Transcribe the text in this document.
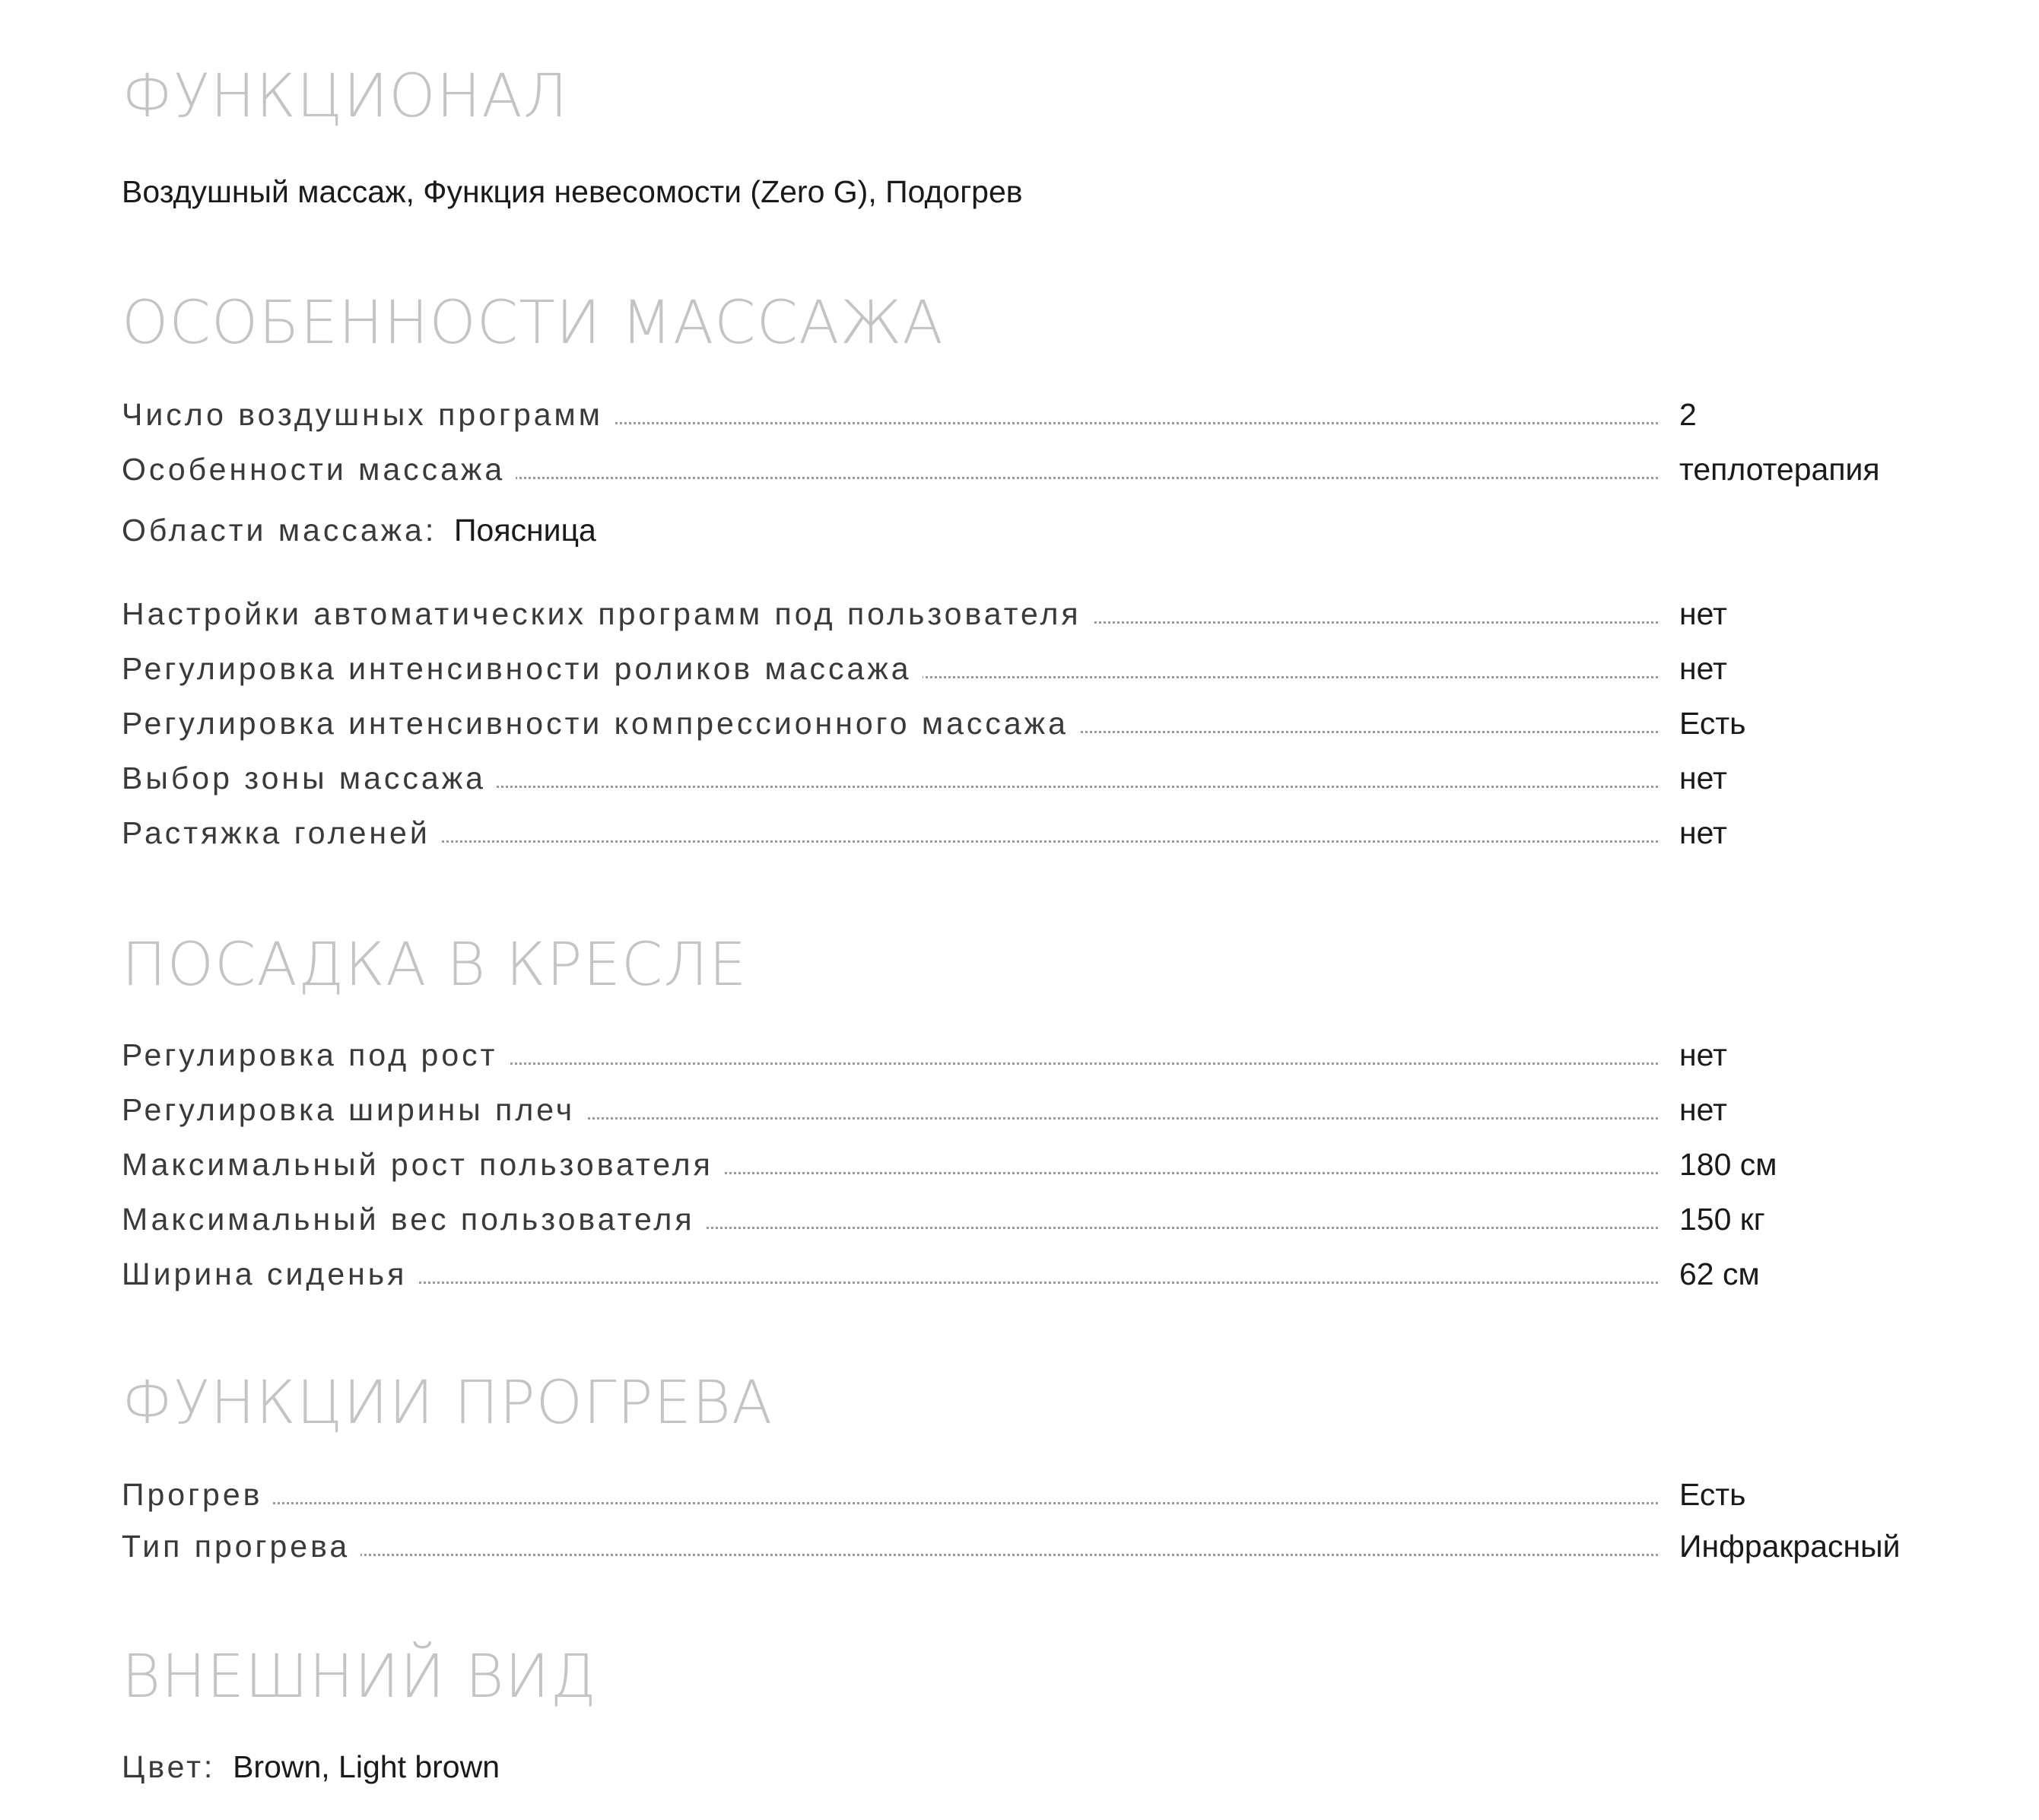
ФУНКЦИОНАЛ
Воздушный массаж, Функция невесомости (Zero G), Подогрев
ОСОБЕННОСТИ МАССАЖА
Число воздушных программ	2
Особенности массажа	теплотерапия
Области массажа:  Поясница
Настройки автоматических программ под пользователя	нет
Регулировка интенсивности роликов массажа	нет
Регулировка интенсивности компрессионного массажа	Есть
Выбор зоны массажа	нет
Растяжка голеней	нет
ПОСАДКА В КРЕСЛЕ
Регулировка под рост	нет
Регулировка ширины плеч	нет
Максимальный рост пользователя	180 см
Максимальный вес пользователя	150 кг
Ширина сиденья	62 см
ФУНКЦИИ ПРОГРЕВА
Прогрев	Есть
Тип прогрева	Инфракрасный
ВНЕШНИЙ ВИД
Цвет:  Brown, Light brown
